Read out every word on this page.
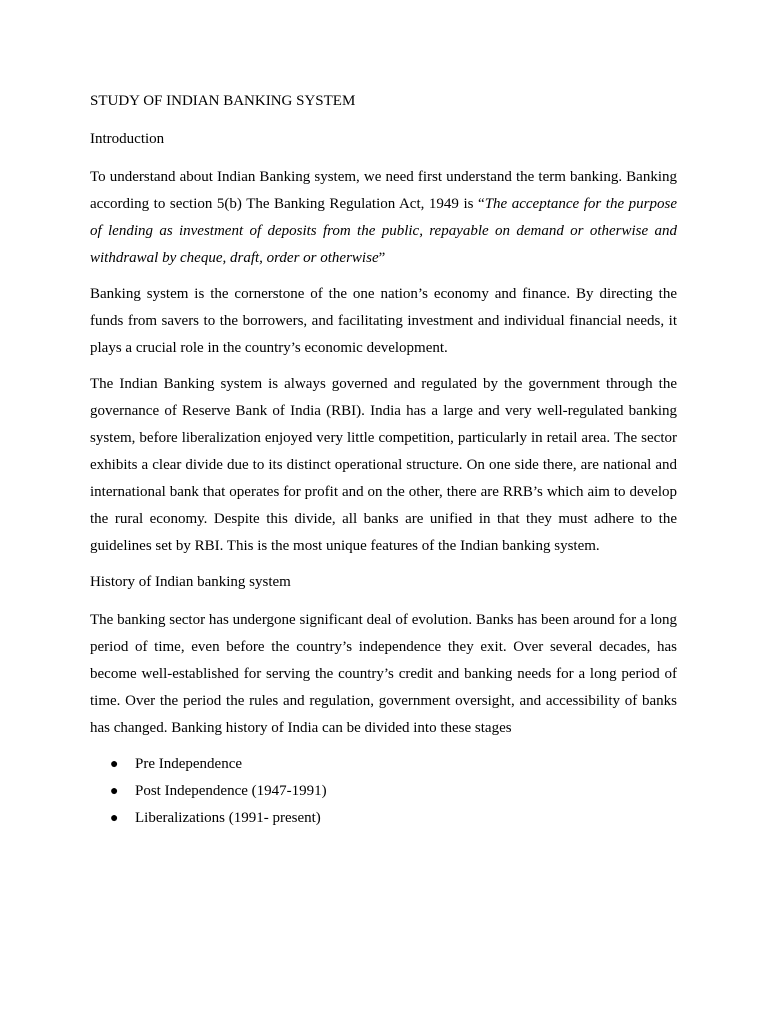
STUDY OF INDIAN BANKING SYSTEM
Introduction

To understand about Indian Banking system, we need first understand the term banking. Banking according to section 5(b) The Banking Regulation Act, 1949 is “The acceptance for the purpose of lending as investment of deposits from the public, repayable on demand or otherwise and withdrawal by cheque, draft, order or otherwise”

Banking system is the cornerstone of the one nation’s economy and finance. By directing the funds from savers to the borrowers, and facilitating investment and individual financial needs, it plays a crucial role in the country’s economic development.

The Indian Banking system is always governed and regulated by the government through the governance of Reserve Bank of India (RBI). India has a large and very well-regulated banking system, before liberalization enjoyed very little competition, particularly in retail area. The sector exhibits a clear divide due to its distinct operational structure. On one side there, are national and international bank that operates for profit and on the other, there are RRB’s which aim to develop the rural economy. Despite this divide, all banks are unified in that they must adhere to the guidelines set by RBI. This is the most unique features of the Indian banking system.

History of Indian banking system

The banking sector has undergone significant deal of evolution. Banks has been around for a long period of time, even before the country’s independence they exit. Over several decades, has become well-established for serving the country’s credit and banking needs for a long period of time. Over the period the rules and regulation, government oversight, and accessibility of banks has changed. Banking history of India can be divided into these stages

● Pre Independence
● Post Independence (1947-1991)
● Liberalizations (1991- present)
